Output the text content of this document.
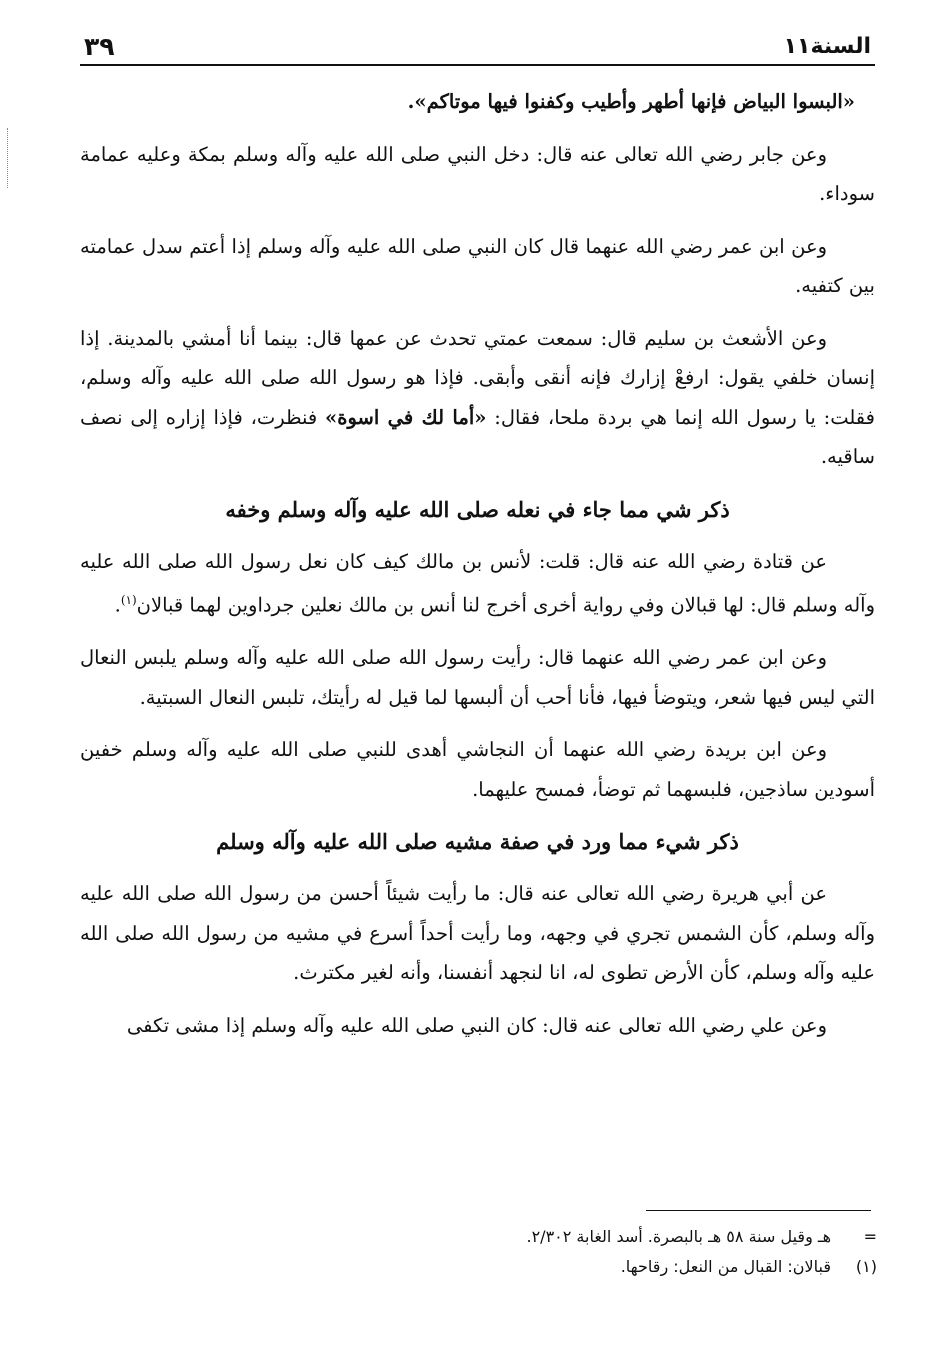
السنة١١
٣٩

«البسوا البياض فإنها أطهر وأطيب وكفنوا فيها موتاكم».

وعن جابر رضي الله تعالى عنه قال: دخل النبي صلى الله عليه وآله وسلم بمكة وعليه عمامة سوداء.

وعن ابن عمر رضي الله عنهما قال كان النبي صلى الله عليه وآله وسلم إذا أعتم سدل عمامته بين كتفيه.

وعن الأشعث بن سليم قال: سمعت عمتي تحدث عن عمها قال: بينما أنا أمشي بالمدينة. إذا إنسان خلفي يقول: ارفعْ إزارك فإنه أنقى وأبقى. فإذا هو رسول الله صلى الله عليه وآله وسلم، فقلت: يا رسول الله إنما هي بردة ملحا، فقال: «أما لك في اسوة» فنظرت، فإذا إزاره إلى نصف ساقيه.

ذكر شي مما جاء في نعله صلى الله عليه وآله وسلم وخفه

عن قتادة رضي الله عنه قال: قلت: لأنس بن مالك كيف كان نعل رسول الله صلى الله عليه وآله وسلم قال: لها قبالان وفي رواية أخرى أخرج لنا أنس بن مالك نعلين جرداوين لهما قبالان$^{(١)}$.

وعن ابن عمر رضي الله عنهما قال: رأيت رسول الله صلى الله عليه وآله وسلم يلبس النعال التي ليس فيها شعر، ويتوضأ فيها، فأنا أحب أن ألبسها لما قيل له رأيتك، تلبس النعال السبتية.

وعن ابن بريدة رضي الله عنهما أن النجاشي أهدى للنبي صلى الله عليه وآله وسلم خفين أسودين ساذجين، فلبسهما ثم توضأ، فمسح عليهما.

ذكر شيء مما ورد في صفة مشيه صلى الله عليه وآله وسلم

عن أبي هريرة رضي الله تعالى عنه قال: ما رأيت شيئاً أحسن من رسول الله صلى الله عليه وآله وسلم، كأن الشمس تجري في وجهه، وما رأيت أحداً أسرع في مشيه من رسول الله صلى الله عليه وآله وسلم، كأن الأرض تطوى له، انا لنجهد أنفسنا، وأنه لغير مكترث.

وعن علي رضي الله تعالى عنه قال: كان النبي صلى الله عليه وآله وسلم إذا مشى تكفى

=
هـ وقيل سنة ٥٨ هـ بالبصرة. أسد الغابة ٢/٣٠٢.
(١)
قبالان: القبال من النعل: رقاحها.
